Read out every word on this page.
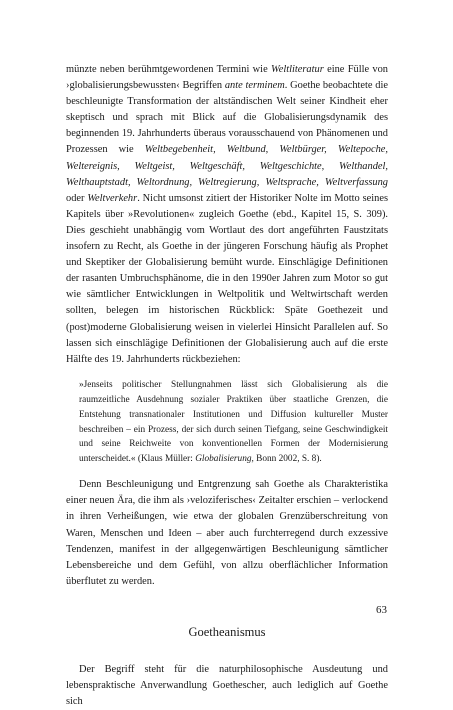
münzte neben berühmtgewordenen Termini wie Weltliteratur eine Fülle von ›globalisierungsbewussten‹ Begriffen ante terminem. Goethe beobachtete die beschleunigte Transformation der altständischen Welt seiner Kindheit eher skeptisch und sprach mit Blick auf die Globalisierungsdynamik des beginnenden 19. Jahrhunderts überaus vorausschauend von Phänomenen und Prozessen wie Weltbegebenheit, Weltbund, Weltbürger, Weltepoche, Weltereignis, Weltgeist, Weltgeschäft, Weltgeschichte, Welthandel, Welthauptstadt, Weltordnung, Weltregierung, Weltsprache, Weltverfassung oder Weltverkehr. Nicht umsonst zitiert der Historiker Nolte im Motto seines Kapitels über »Revolutionen« zugleich Goethe (ebd., Kapitel 15, S. 309). Dies geschieht unabhängig vom Wortlaut des dort angeführten Faustzitats insofern zu Recht, als Goethe in der jüngeren Forschung häufig als Prophet und Skeptiker der Globalisierung bemüht wurde. Einschlägige Definitionen der rasanten Umbruchsphänome, die in den 1990er Jahren zum Motor so gut wie sämtlicher Entwicklungen in Weltpolitik und Weltwirtschaft werden sollten, belegen im historischen Rückblick: Späte Goethezeit und (post)moderne Globalisierung weisen in vielerlei Hinsicht Parallelen auf. So lassen sich einschlägige Definitionen der Globalisierung auch auf die erste Hälfte des 19. Jahrhunderts rückbeziehen:

»Jenseits politischer Stellungnahmen lässt sich Globalisierung als die raumzeitliche Ausdehnung sozialer Praktiken über staatliche Grenzen, die Entstehung transnationaler Institutionen und Diffusion kultureller Muster beschreiben – ein Prozess, der sich durch seinen Tiefgang, seine Geschwindigkeit und seine Reichweite von konventionellen Formen der Modernisierung unterscheidet.« (Klaus Müller: Globalisierung, Bonn 2002, S. 8).

Denn Beschleunigung und Entgrenzung sah Goethe als Charakteristika einer neuen Ära, die ihm als ›veloziferisches‹ Zeitalter erschien – verlockend in ihren Verheißungen, wie etwa der globalen Grenzüberschreitung von Waren, Menschen und Ideen – aber auch furchterregend durch exzessive Tendenzen, manifest in der allgegenwärtigen Beschleunigung sämtlicher Lebensbereiche und dem Gefühl, von allzu oberflächlicher Information überflutet zu werden.

Goetheanismus

Der Begriff steht für die naturphilosophische Ausdeutung und lebenspraktische Anverwandlung Goethescher, auch lediglich auf Goethe sich

63
